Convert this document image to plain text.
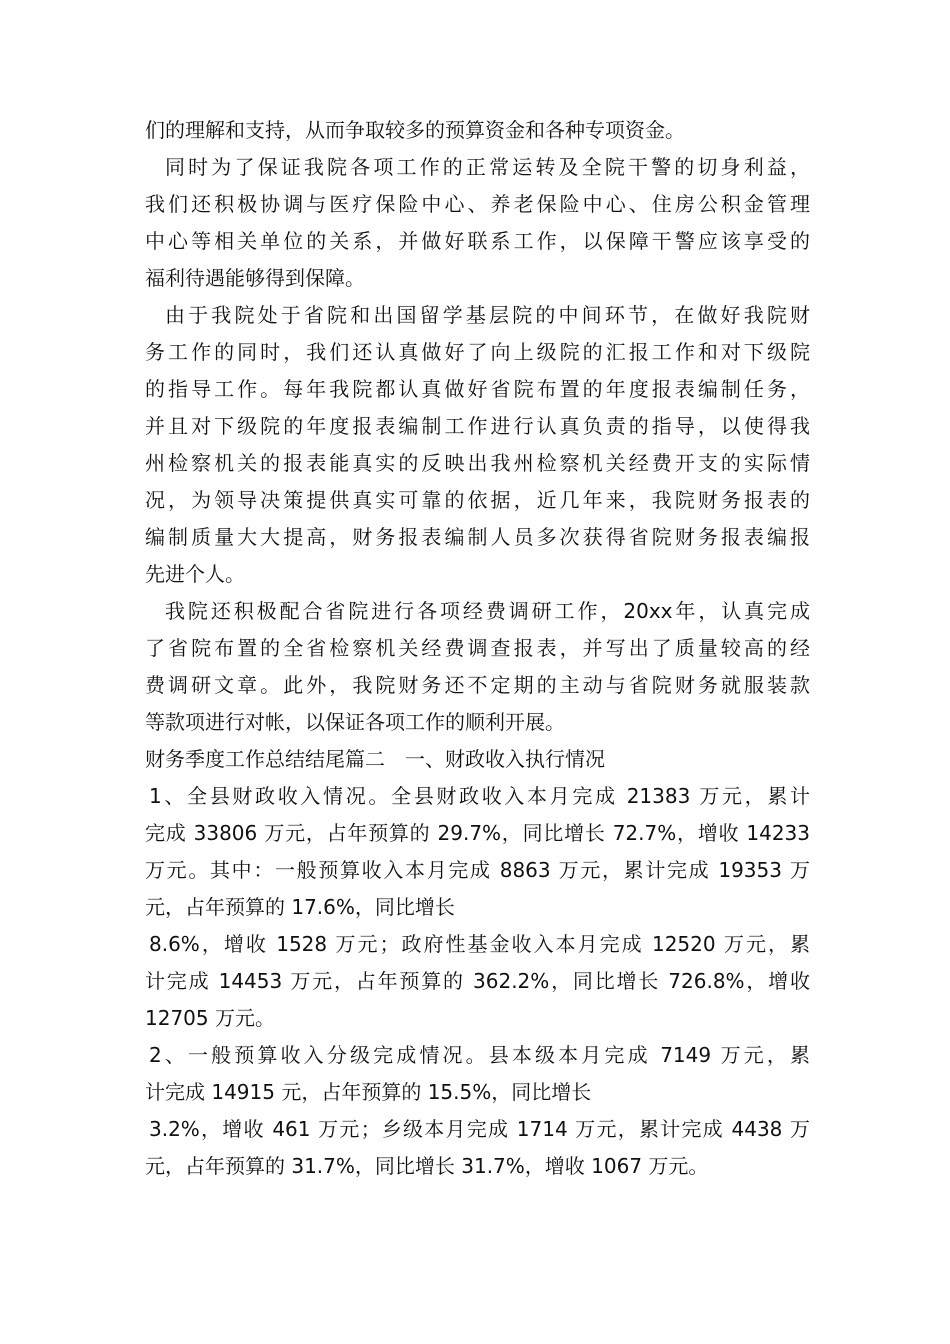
们的理解和支持，从而争取较多的预算资金和各种专项资金。
同时为了保证我院各项工作的正常运转及全院干警的切身利益，
我们还积极协调与医疗保险中心、养老保险中心、住房公积金管理
中心等相关单位的关系，并做好联系工作，以保障干警应该享受的
福利待遇能够得到保障。
由于我院处于省院和出国留学基层院的中间环节，在做好我院财
务工作的同时，我们还认真做好了向上级院的汇报工作和对下级院
的指导工作。每年我院都认真做好省院布置的年度报表编制任务，
并且对下级院的年度报表编制工作进行认真负责的指导，以使得我
州检察机关的报表能真实的反映出我州检察机关经费开支的实际情
况，为领导决策提供真实可靠的依据，近几年来，我院财务报表的
编制质量大大提高，财务报表编制人员多次获得省院财务报表编报
先进个人。
我院还积极配合省院进行各项经费调研工作，20xx年，认真完成
了省院布置的全省检察机关经费调查报表，并写出了质量较高的经
费调研文章。此外，我院财务还不定期的主动与省院财务就服装款
等款项进行对帐，以保证各项工作的顺利开展。
财务季度工作总结结尾篇二　一、财政收入执行情况
1、全县财政收入情况。全县财政收入本月完成 21383 万元，累计
完成 33806 万元，占年预算的 29.7%，同比增长 72.7%，增收 14233
万元。其中：一般预算收入本月完成 8863 万元，累计完成 19353 万
元，占年预算的 17.6%，同比增长
8.6%，增收 1528 万元；政府性基金收入本月完成 12520 万元，累
计完成 14453 万元，占年预算的 362.2%，同比增长 726.8%，增收
12705 万元。
2、一般预算收入分级完成情况。县本级本月完成 7149 万元，累
计完成 14915 元，占年预算的 15.5%，同比增长
3.2%，增收 461 万元；乡级本月完成 1714 万元，累计完成 4438 万
元，占年预算的 31.7%，同比增长 31.7%，增收 1067 万元。
